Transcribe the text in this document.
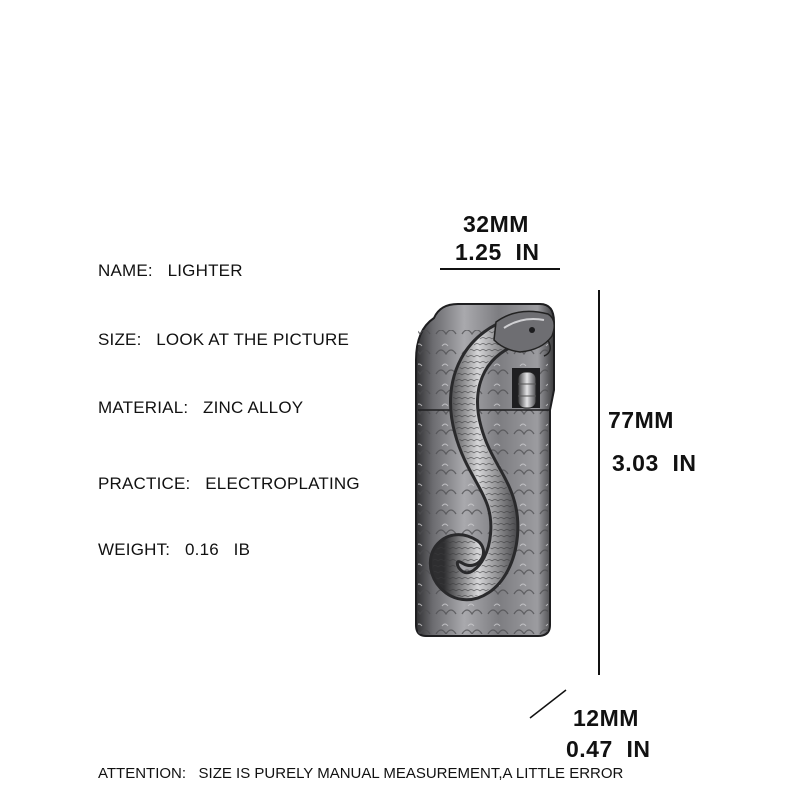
NAME:   LIGHTER
SIZE:   LOOK AT THE PICTURE
MATERIAL:   ZINC ALLOY
PRACTICE:   ELECTROPLATING
WEIGHT:   0.16   IB
32MM
1.25  IN
77MM
3.03  IN
12MM
0.47  IN
ATTENTION:   SIZE IS PURELY MANUAL MEASUREMENT,A LITTLE ERROR
